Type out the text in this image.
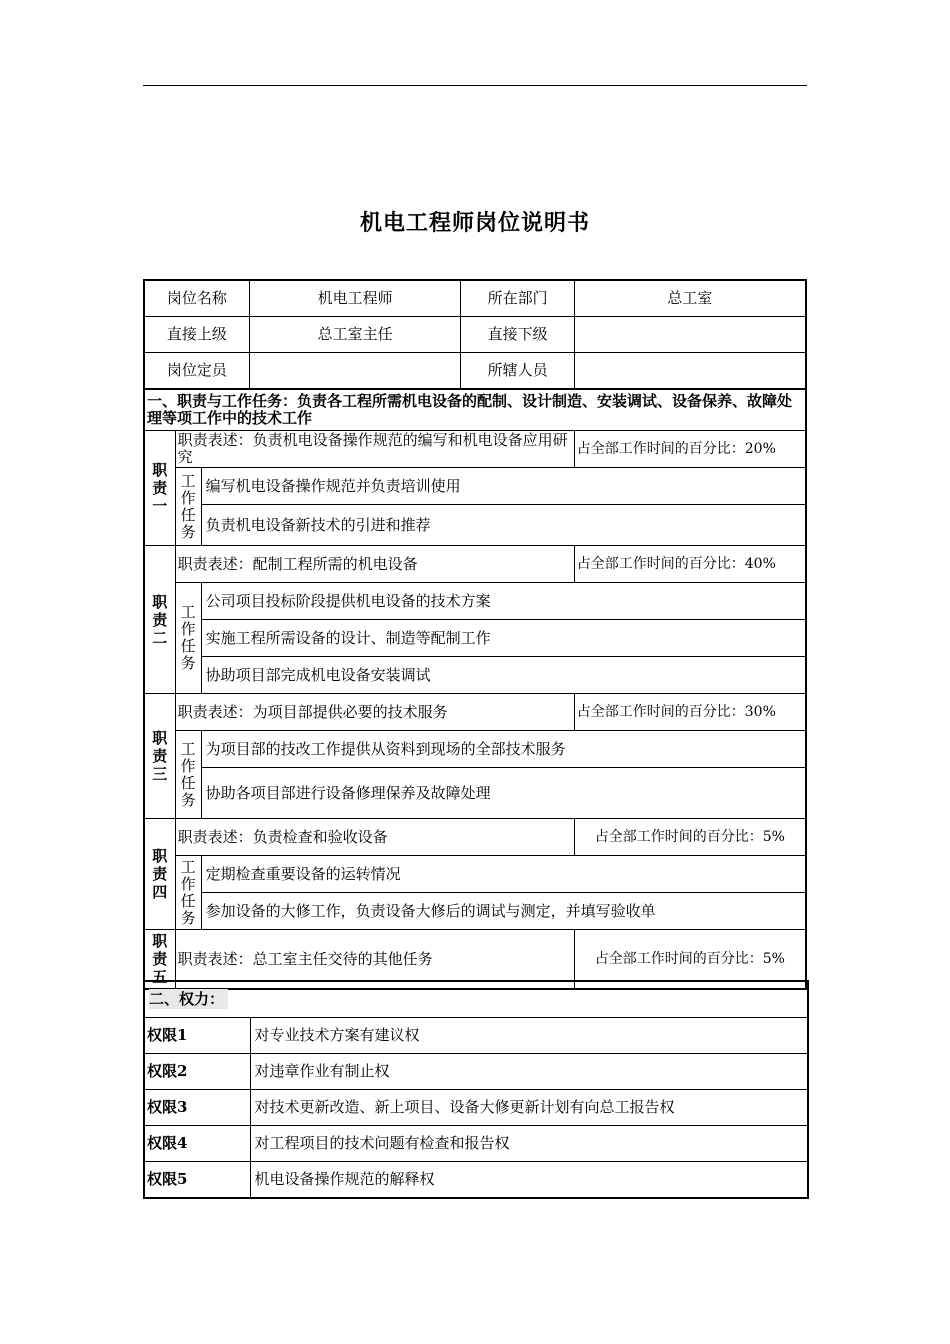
机电工程师岗位说明书
岗位名称			机电工程师	所在部门	总工室
直接上级			总工室主任	直接下级	
岗位定员				所辖人员	
一、职责与工作任务：负责各工程所需机电设备的配制、设计制造、安装调试、设备保养、故障处理等项工作中的技术工作					
职责一	职责表述：负责机电设备操作规范的编写和机电设备应用研究				占全部工作时间的百分比：20%
	工作任务	编写机电设备操作规范并负责培训使用			
		负责机电设备新技术的引进和推荐			
职责二	职责表述：配制工程所需的机电设备				占全部工作时间的百分比：40%
	工作任务	公司项目投标阶段提供机电设备的技术方案			
		实施工程所需设备的设计、制造等配制工作			
		协助项目部完成机电设备安装调试			
职责三	职责表述：为项目部提供必要的技术服务				占全部工作时间的百分比：30%
	工作任务	为项目部的技改工作提供从资料到现场的全部技术服务			
		协助各项目部进行设备修理保养及故障处理			
职责四	职责表述：负责检查和验收设备				占全部工作时间的百分比：5%
	工作任务	定期检查重要设备的运转情况			
		参加设备的大修工作，负责设备大修后的调试与测定，并填写验收单			
职责五	职责表述：总工室主任交待的其他任务				占全部工作时间的百分比：5%
二、权力：	
权限1	对专业技术方案有建议权
权限2	对违章作业有制止权
权限3	对技术更新改造、新上项目、设备大修更新计划有向总工报告权
权限4	对工程项目的技术问题有检查和报告权
权限5	机电设备操作规范的解释权
